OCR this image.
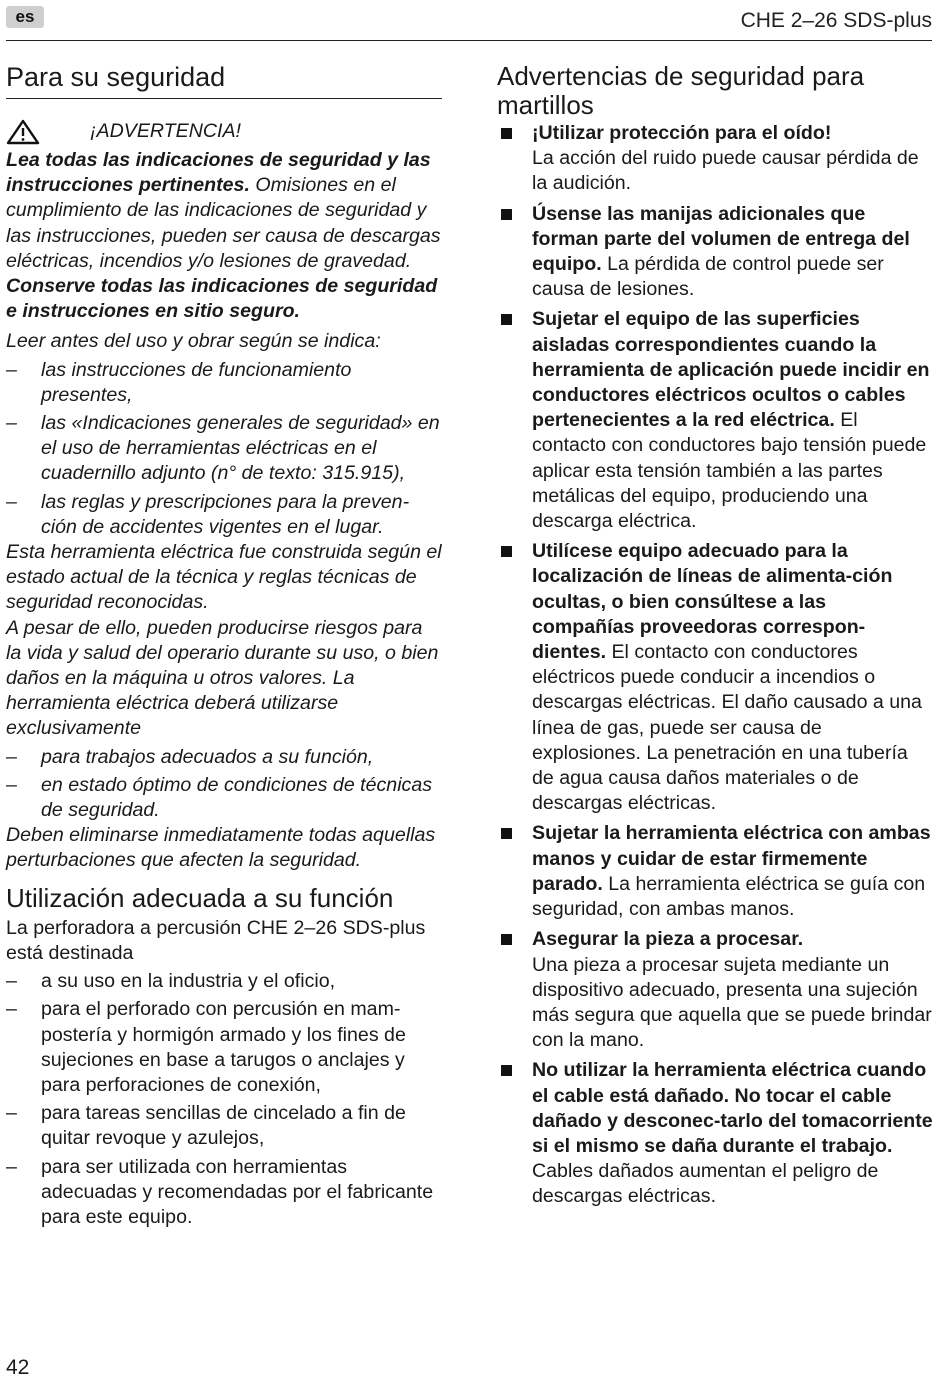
es	CHE 2–26 SDS-plus
Para su seguridad
¡ADVERTENCIA!

Lea todas las indicaciones de seguridad y las instrucciones pertinentes. Omisiones en el cumplimiento de las indicaciones de seguridad y las instrucciones, pueden ser causa de descargas eléctricas, incendios y/o lesiones de gravedad. Conserve todas las indicaciones de seguridad e instrucciones en sitio seguro.

Leer antes del uso y obrar según se indica:

– las instrucciones de funcionamiento presentes,
– las «Indicaciones generales de seguridad» en el uso de herramientas eléctricas en el cuadernillo adjunto (n° de texto: 315.915),
– las reglas y prescripciones para la preven-ción de accidentes vigentes en el lugar.

Esta herramienta eléctrica fue construida según el estado actual de la técnica y reglas técnicas de seguridad reconocidas.

A pesar de ello, pueden producirse riesgos para la vida y salud del operario durante su uso, o bien daños en la máquina u otros valores. La herramienta eléctrica deberá utilizarse exclusivamente

– para trabajos adecuados a su función,
– en estado óptimo de condiciones de técnicas de seguridad.

Deben eliminarse inmediatamente todas aquellas perturbaciones que afecten la seguridad.

Utilización adecuada a su función

La perforadora a percusión CHE 2–26 SDS-plus está destinada

– a su uso en la industria y el oficio,
– para el perforado con percusión en mam-postería y hormigón armado y los fines de sujeciones en base a tarugos o anclajes y para perforaciones de conexión,
– para tareas sencillas de cincelado a fin de quitar revoque y azulejos,
– para ser utilizada con herramientas adecuadas y recomendadas por el fabricante para este equipo.
Advertencias de seguridad para martillos
¡Utilizar protección para el oído!
La acción del ruido puede causar pérdida de la audición.
Úsense las manijas adicionales que forman parte del volumen de entrega del equipo. La pérdida de control puede ser causa de lesiones.
Sujetar el equipo de las superficies aisladas correspondientes cuando la herramienta de aplicación puede incidir en conductores eléctricos ocultos o cables pertenecientes a la red eléctrica. El contacto con conductores bajo tensión puede aplicar esta tensión también a las partes metálicas del equipo, produciendo una descarga eléctrica.
Utilícese equipo adecuado para la localización de líneas de alimenta-ción ocultas, o bien consúltese a las compañías proveedoras correspon-dientes. El contacto con conductores eléctricos puede conducir a incendios o descargas eléctricas. El daño causado a una línea de gas, puede ser causa de explosiones. La penetración en una tubería de agua causa daños materiales o de descargas eléctricas.
Sujetar la herramienta eléctrica con ambas manos y cuidar de estar firmemente parado. La herramienta eléctrica se guía con seguridad, con ambas manos.
Asegurar la pieza a procesar.
Una pieza a procesar sujeta mediante un dispositivo adecuado, presenta una sujeción más segura que aquella que se puede brindar con la mano.
No utilizar la herramienta eléctrica cuando el cable está dañado. No tocar el cable dañado y desconec-tarlo del tomacorriente si el mismo se daña durante el trabajo.
Cables dañados aumentan el peligro de descargas eléctricas.
42
